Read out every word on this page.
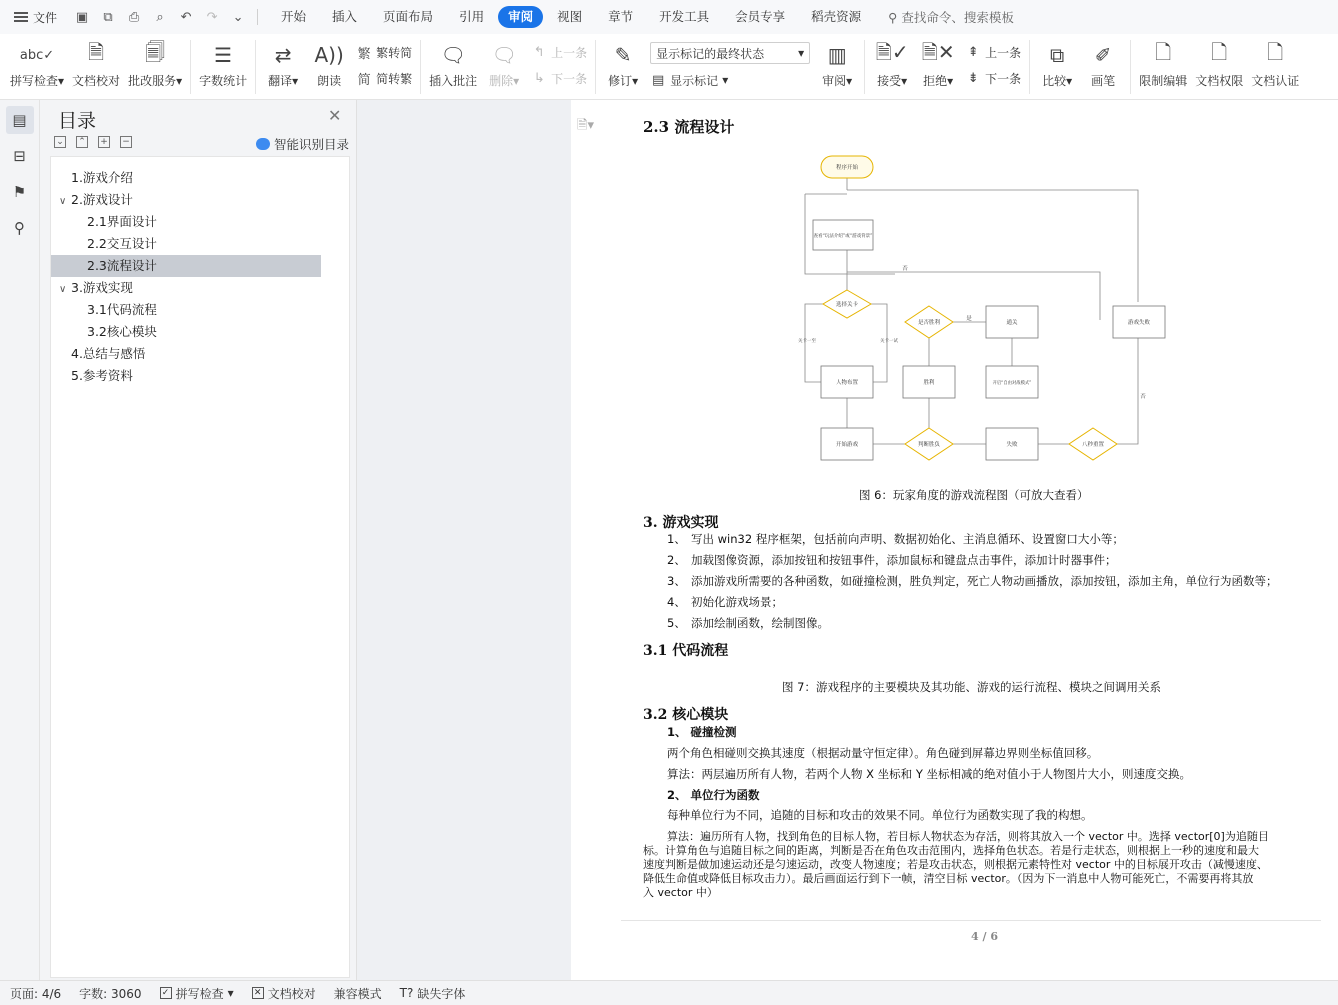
文件	▣	⧉	⎙	⌕	↶	↷	⌄	开始	插入	页面布局	引用	审阅	视图	章节	开发工具	会员专享	稻壳资源	⚲ 查找命令、搜索模板
abc✓
拼写检查▾
🗎
文档校对
🗐
批改服务▾
☰
字数统计
⇄
翻译▾
A))
朗读
繁 繁转简
简 简转繁
🗨
插入批注
🗨
删除▾
↰ 上一条
↳ 下一条
✎
修订▾
显示标记的最终状态	▾
▤ 显示标记 ▾
▥
审阅▾
🗎✓
接受▾
🗎✕
拒绝▾
⇞ 上一条
⇟ 下一条
⧉
比较▾
✐
画笔
🗋
限制编辑
🗋
文档权限
🗋
文档认证
▤
⊟
⚑
⚲
目录	✕
⌄ ⌃ + −	智能识别目录
1.游戏介绍
∨ 2.游戏设计
2.1界面设计
2.2交互设计
2.3流程设计
∨ 3.游戏实现
3.1代码流程
3.2核心模块
4.总结与感悟
5.参考资料
🗎▾	2.3 流程设计
程序开始
查看“玩法介绍”或“游戏背景”
选择关卡
是否胜利	通关	游戏失败
人物布置	胜利	开启“自由对战模式”
开始游戏	判断胜负	失败	八秒重置
是
否
否
关卡一至	关卡一试
图 6：玩家角度的游戏流程图（可放大查看）
3. 游戏实现
1、 写出 win32 程序框架，包括前向声明、数据初始化、主消息循环、设置窗口大小等；
2、 加载图像资源，添加按钮和按钮事件，添加鼠标和键盘点击事件，添加计时器事件；
3、 添加游戏所需要的各种函数，如碰撞检测，胜负判定，死亡人物动画播放，添加按钮，添加主角，单位行为函数等；
4、 初始化游戏场景；
5、 添加绘制函数，绘制图像。
3.1 代码流程
图 7：游戏程序的主要模块及其功能、游戏的运行流程、模块之间调用关系
3.2 核心模块
1、 碰撞检测
两个角色相碰则交换其速度（根据动量守恒定律）。角色碰到屏幕边界则坐标值回移。
算法：两层遍历所有人物，若两个人物 X 坐标和 Y 坐标相减的绝对值小于人物图片大小，则速度交换。
2、 单位行为函数
每种单位行为不同，追随的目标和攻击的效果不同。单位行为函数实现了我的构想。
算法：遍历所有人物，找到角色的目标人物，若目标人物状态为存活，则将其放入一个 vector 中。选择 vector[0]为追随目
标。计算角色与追随目标之间的距离，判断是否在角色攻击范围内，选择角色状态。若是行走状态，则根据上一秒的速度和最大
速度判断是做加速运动还是匀速运动，改变人物速度；若是攻击状态，则根据元素特性对 vector 中的目标展开攻击（减慢速度、
降低生命值或降低目标攻击力）。最后画面运行到下一帧，清空目标 vector。（因为下一消息中人物可能死亡，不需要再将其放
入 vector 中）
4 / 6
页面: 4/6 字数: 3060 ✓ 拼写检查 ▾ ✕ 文档校对 兼容模式 T? 缺失字体
